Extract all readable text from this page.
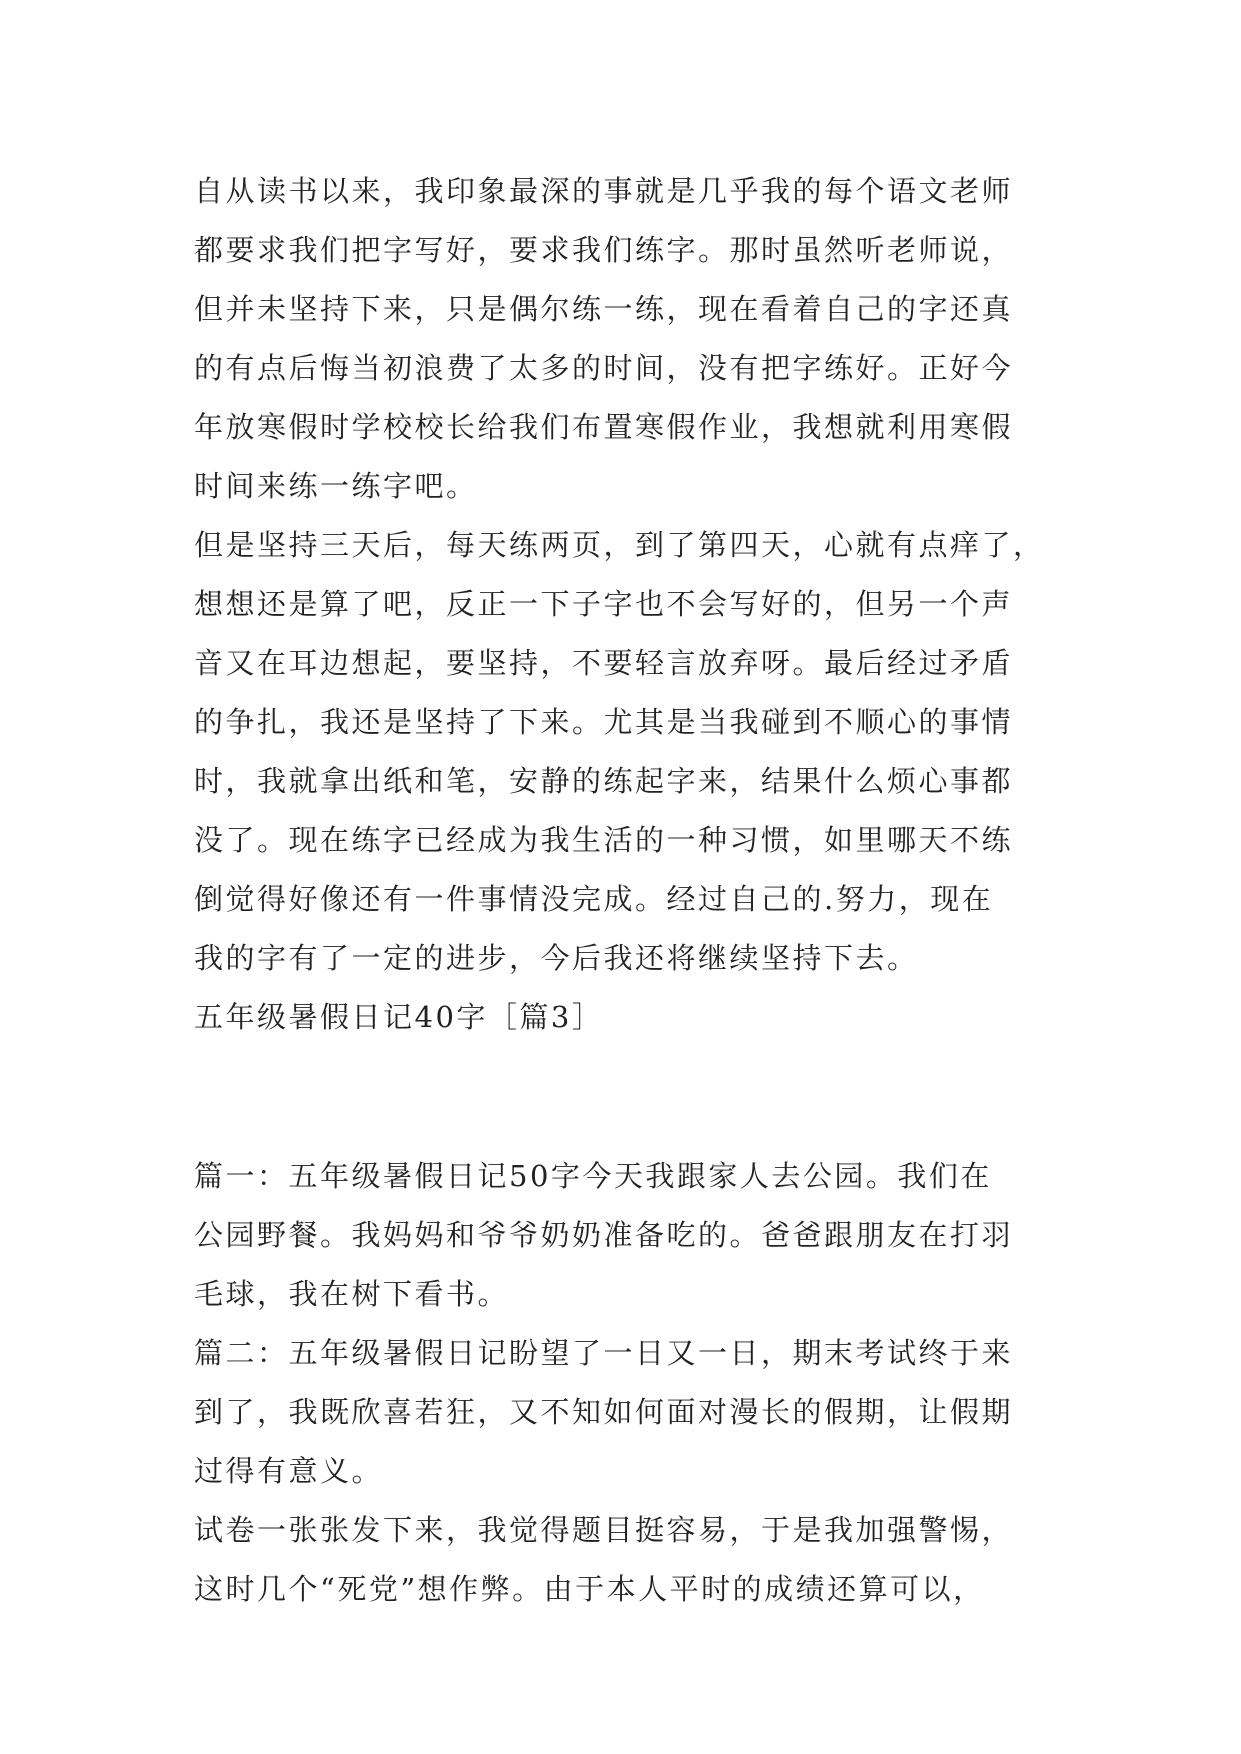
自从读书以来，我印象最深的事就是几乎我的每个语文老师
都要求我们把字写好，要求我们练字。那时虽然听老师说，
但并未坚持下来，只是偶尔练一练，现在看着自己的字还真
的有点后悔当初浪费了太多的时间，没有把字练好。正好今
年放寒假时学校校长给我们布置寒假作业，我想就利用寒假
时间来练一练字吧。
但是坚持三天后，每天练两页，到了第四天，心就有点痒了，
想想还是算了吧，反正一下子字也不会写好的，但另一个声
音又在耳边想起，要坚持，不要轻言放弃呀。最后经过矛盾
的争扎，我还是坚持了下来。尤其是当我碰到不顺心的事情
时，我就拿出纸和笔，安静的练起字来，结果什么烦心事都
没了。现在练字已经成为我生活的一种习惯，如里哪天不练
倒觉得好像还有一件事情没完成。经过自己的.努力，现在
我的字有了一定的进步，今后我还将继续坚持下去。
五年级暑假日记40字［篇3］
篇一：五年级暑假日记50字今天我跟家人去公园。我们在
公园野餐。我妈妈和爷爷奶奶准备吃的。爸爸跟朋友在打羽
毛球，我在树下看书。
篇二：五年级暑假日记盼望了一日又一日，期末考试终于来
到了，我既欣喜若狂，又不知如何面对漫长的假期，让假期
过得有意义。
试卷一张张发下来，我觉得题目挺容易，于是我加强警惕，
这时几个“死党”想作弊。由于本人平时的成绩还算可以，
